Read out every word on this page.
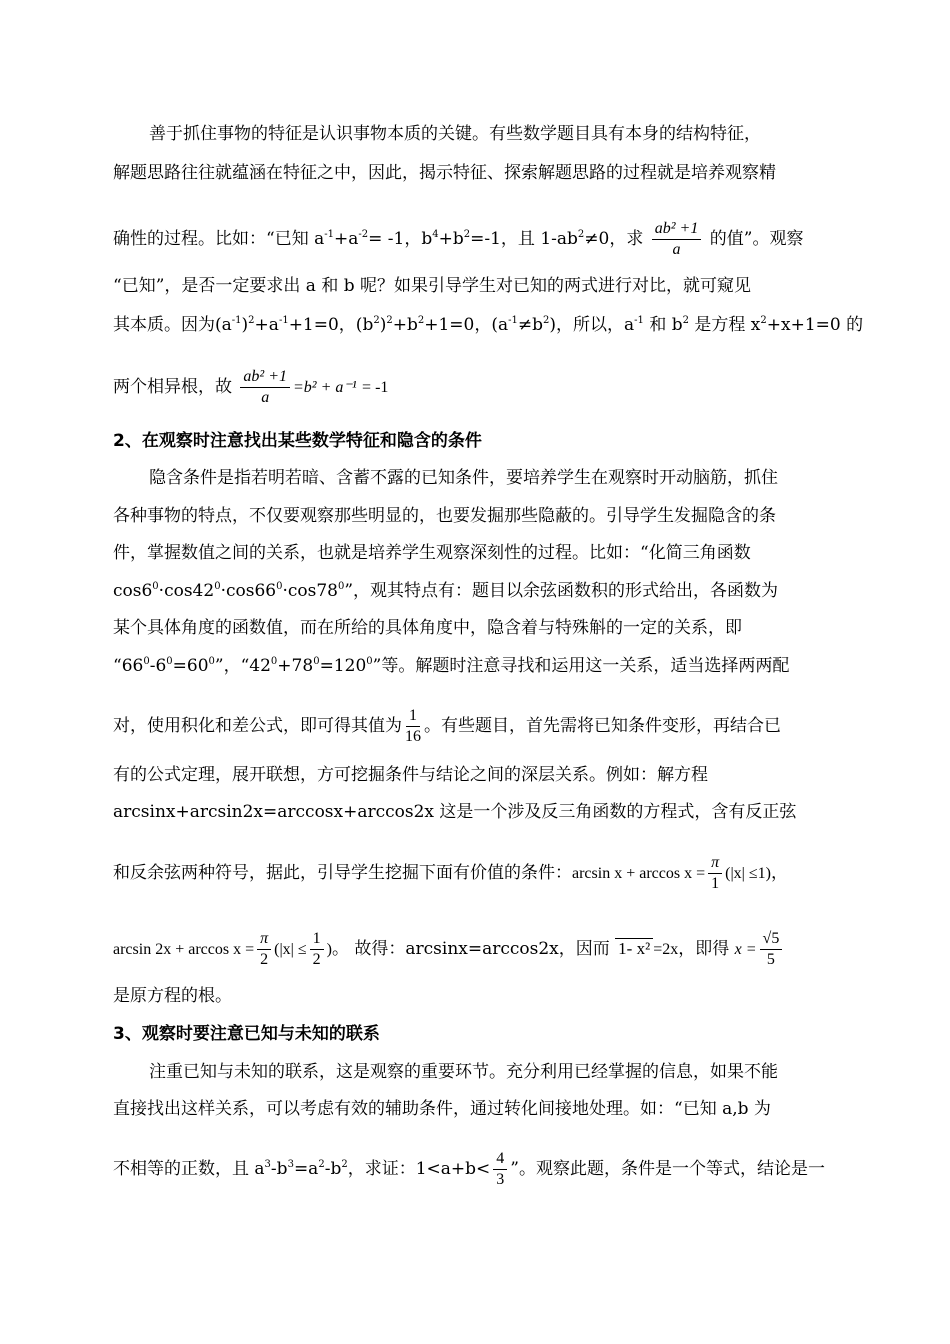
善于抓住事物的特征是认识事物本质的关键。有些数学题目具有本身的结构特征，
解题思路往往就蕴涵在特征之中，因此，揭示特征、探索解题思路的过程就是培养观察精
确性的过程。比如：“已知 $a^{-1}+a^{-2}= -1$，$b^4+b^2=-1$，且 $1-ab^2\ne 0$，求 $\frac{\text{ab² +1}}{a}$ 的值”。观察
“已知”，是否一定要求出 a 和 b 呢？如果引导学生对已知的两式进行对比，就可窥见
其本质。因为$(a^{-1})^2+a^{-1}+1=0$，$(b^2)^2+b^2+1=0$，$(a^{-1}\ne b^2)$，所以，$a^{-1}$ 和 $b^2$ 是方程 $x^2+x+1=0$ 的
两个相异根，故 $\frac{\text{ab² +1}}{a} =b^2 + a^{-1} = -1$
2、在观察时注意找出某些数学特征和隐含的条件
隐含条件是指若明若暗、含蓄不露的已知条件，要培养学生在观察时开动脑筋，抓住
各种事物的特点，不仅要观察那些明显的，也要发掘那些隐蔽的。引导学生发掘隐含的条
件，掌握数值之间的关系，也就是培养学生观察深刻性的过程。比如：“化简三角函数
$\cos 6^0\cdot\cos 42^0\cdot\cos 66^0\cdot\cos 78^0$”，观其特点有：题目以余弦函数积的形式给出，各函数为
某个具体角度的函数值，而在所给的具体角度中，隐含着与特殊斛的一定的关系，即
“$66^0-6^0=60^0$”，“$42^0+78^0=120^0$”等。解题时注意寻找和运用这一关系，适当选择两两配
对，使用积化和差公式，即可得其值为 $\frac{1}{16}$ 。有些题目，首先需将已知条件变形，再结合已
有的公式定理，展开联想，方可挖掘条件与结论之间的深层关系。例如：解方程
arcsinx+arcsin2x=arccosx+arccos2x 这是一个涉及反三角函数的方程式，含有反正弦
和反余弦两种符号，据此，引导学生挖掘下面有价值的条件：$\arcsin x + \arccos x = \frac{\pi}{1} (|x| \le 1)$，
$\arcsin 2x + \arccos x = \frac{\pi}{2} (|x| \le \frac{1}{2}$ )。 故得：arcsinx=arccos2x，因而 1- x² =2x，即得 $x = \frac{√5}{5}$
是原方程的根。
3、观察时要注意已知与未知的联系
注重已知与未知的联系，这是观察的重要环节。充分利用已经掌握的信息，如果不能
直接找出这样关系，可以考虑有效的辅助条件，通过转化间接地处理。如：“已知 a,b 为
不相等的正数，且 $a^3-b^3=a^2-b^2$，求证：$1<a+b< \frac{4}{3}$ ”。观察此题，条件是一个等式，结论是一
